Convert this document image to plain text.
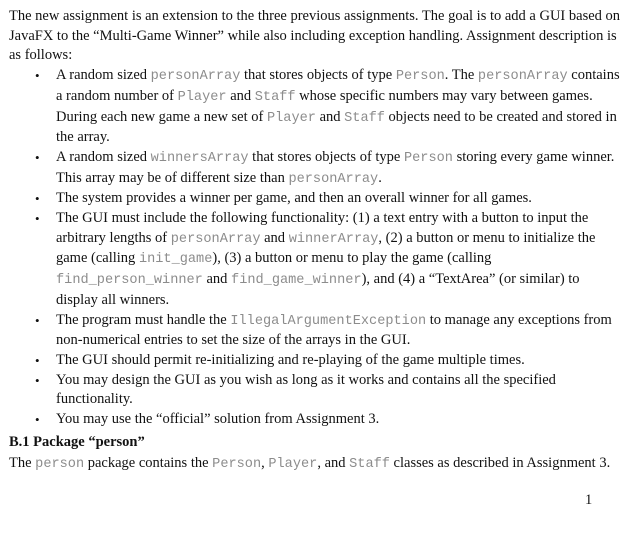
The new assignment is an extension to the three previous assignments. The goal is to add a GUI based on JavaFX to the “Multi-Game Winner” while also including exception handling. Assignment description is as follows:

• A random sized personArray that stores objects of type Person. The personArray contains a random number of Player and Staff whose specific numbers may vary between games. During each new game a new set of Player and Staff objects need to be created and stored in the array.
• A random sized winnersArray that stores objects of type Person storing every game winner. This array may be of different size than personArray.
• The system provides a winner per game, and then an overall winner for all games.
• The GUI must include the following functionality: (1) a text entry with a button to input the arbitrary lengths of personArray and winnerArray, (2) a button or menu to initialize the game (calling init_game), (3) a button or menu to play the game (calling find_person_winner and find_game_winner), and (4) a “TextArea” (or similar) to display all winners.
• The program must handle the IllegalArgumentException to manage any exceptions from non-numerical entries to set the size of the arrays in the GUI.
• The GUI should permit re-initializing and re-playing of the game multiple times.
• You may design the GUI as you wish as long as it works and contains all the specified functionality.
• You may use the “official” solution from Assignment 3.
B.1 Package “person”

The person package contains the Person, Player, and Staff classes as described in Assignment 3.

1
